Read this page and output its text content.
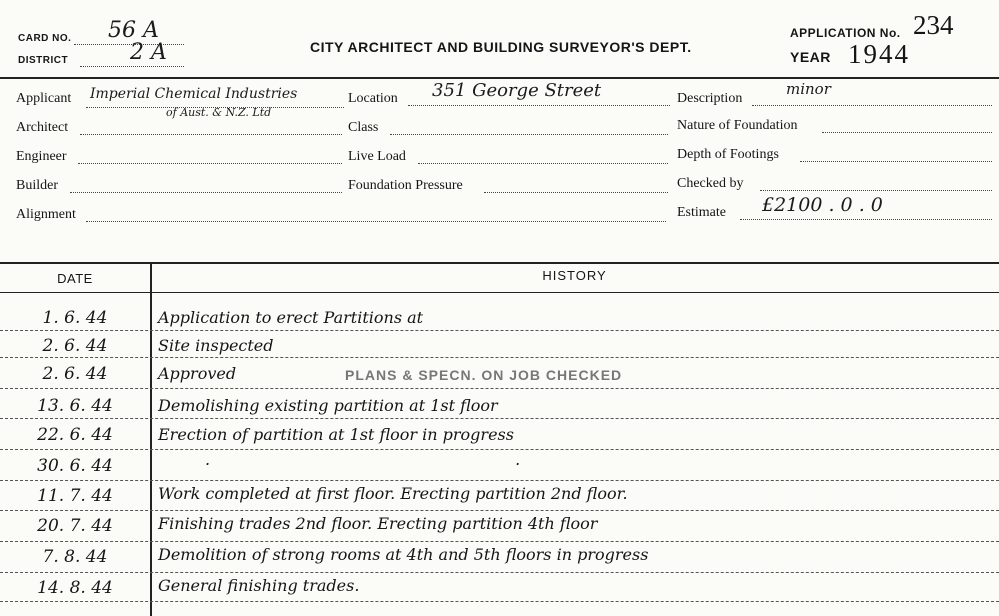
CARD NO. 56 A
DISTRICT	2 A	CITY ARCHITECT AND BUILDING SURVEYOR'S DEPT.
APPLICATION No. 234
YEAR 1944
Applicant Imperial Chemical Industries
of Aust. & N.Z. Ltd
Architect
Engineer
Builder
Alignment
Location 351 George Street
Class
Live Load
Foundation Pressure
Description
minor
Nature of Foundation
Depth of Footings
Checked by
Estimate £2100 . 0 . 0
DATE	HISTORY
1. 6. 44	Application to erect Partitions at
2. 6. 44	Site inspected
2. 6. 44	Approved	PLANS & SPECN. ON JOB CHECKED
13. 6. 44	Demolishing existing partition at 1st floor
22. 6. 44	Erection of partition at 1st floor in progress
30. 6. 44	. .
11. 7. 44	Work completed at first floor. Erecting partition 2nd floor.
20. 7. 44	Finishing trades 2nd floor. Erecting partition 4th floor
7. 8. 44	Demolition of strong rooms at 4th and 5th floors in progress
14. 8. 44	General finishing trades.
